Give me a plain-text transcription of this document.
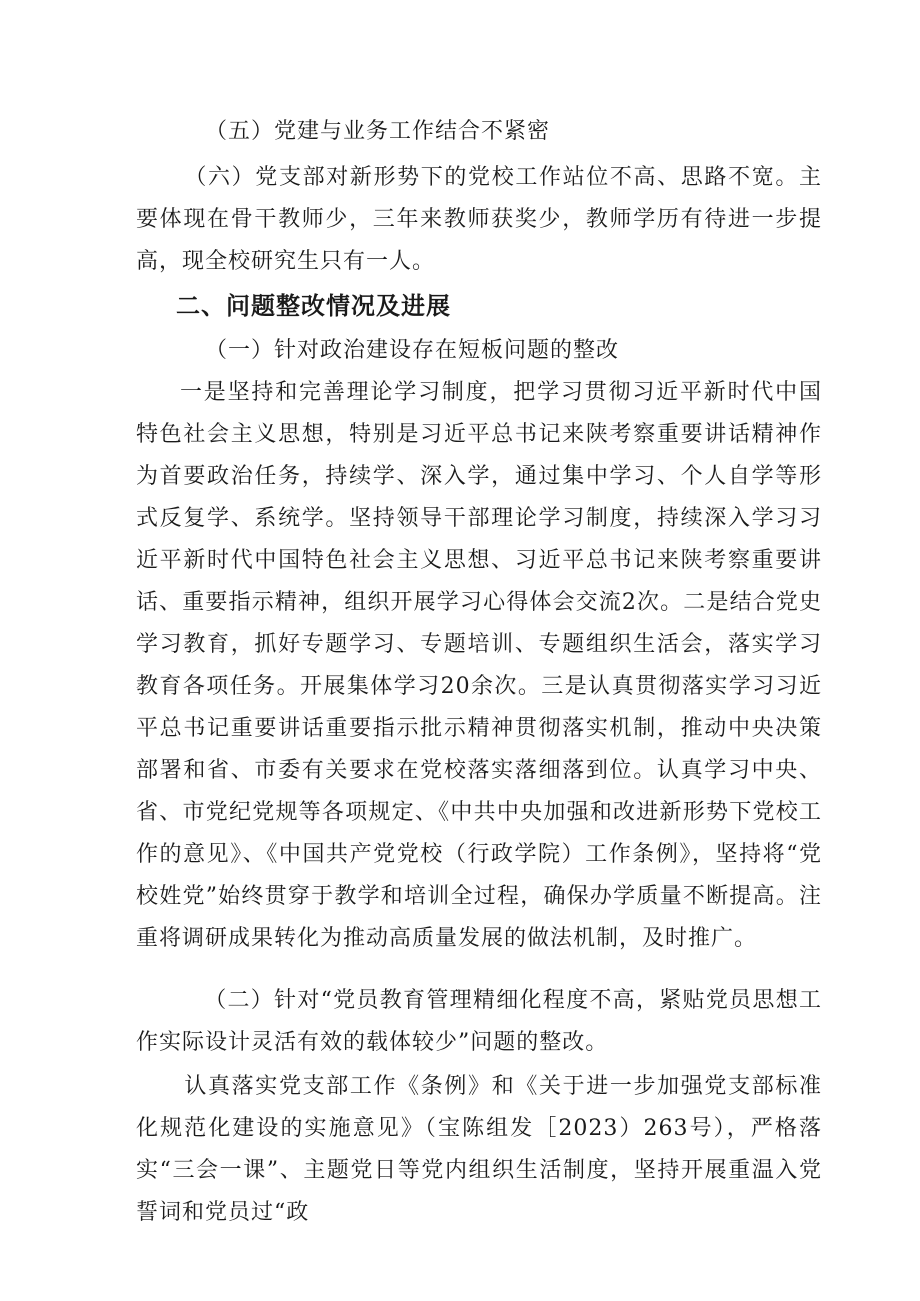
（五）党建与业务工作结合不紧密

（六）党支部对新形势下的党校工作站位不高、思路不宽。主要体现在骨干教师少，三年来教师获奖少，教师学历有待进一步提高，现全校研究生只有一人。

二、问题整改情况及进展

（一）针对政治建设存在短板问题的整改

一是坚持和完善理论学习制度，把学习贯彻习近平新时代中国特色社会主义思想，特别是习近平总书记来陕考察重要讲话精神作为首要政治任务，持续学、深入学，通过集中学习、个人自学等形式反复学、系统学。坚持领导干部理论学习制度，持续深入学习习近平新时代中国特色社会主义思想、习近平总书记来陕考察重要讲话、重要指示精神，组织开展学习心得体会交流2次。二是结合党史学习教育，抓好专题学习、专题培训、专题组织生活会，落实学习教育各项任务。开展集体学习20余次。三是认真贯彻落实学习习近平总书记重要讲话重要指示批示精神贯彻落实机制，推动中央决策部署和省、市委有关要求在党校落实落细落到位。认真学习中央、省、市党纪党规等各项规定、《中共中央加强和改进新形势下党校工作的意见》、《中国共产党党校（行政学院）工作条例》，坚持将“党校姓党”始终贯穿于教学和培训全过程，确保办学质量不断提高。注重将调研成果转化为推动高质量发展的做法机制，及时推广。

（二）针对“党员教育管理精细化程度不高，紧贴党员思想工作实际设计灵活有效的载体较少”问题的整改。

认真落实党支部工作《条例》和《关于进一步加强党支部标准化规范化建设的实施意见》（宝陈组发［2023）263号），严格落实“三会一课”、主题党日等党内组织生活制度，坚持开展重温入党誓词和党员过“政
